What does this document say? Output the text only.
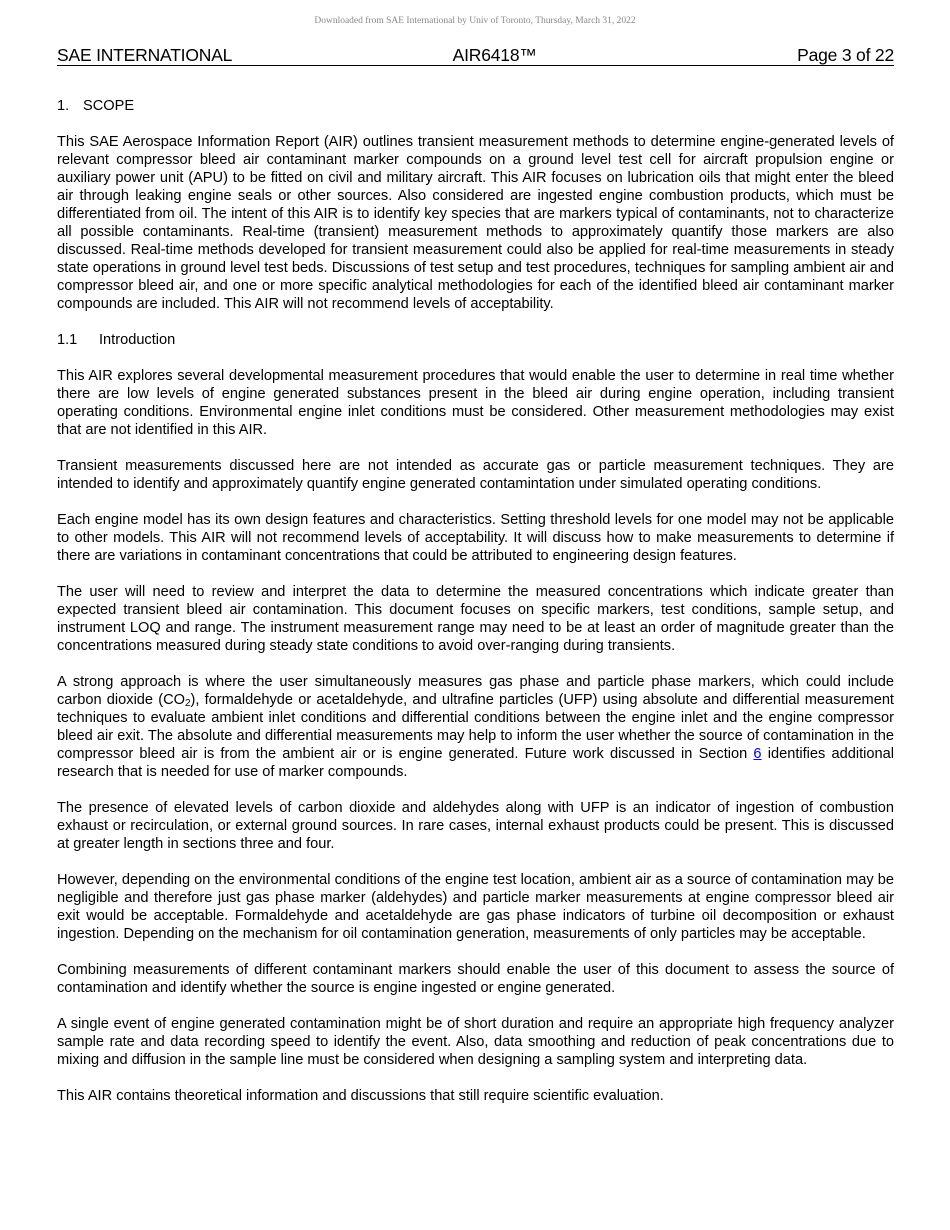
Downloaded from SAE International by Univ of Toronto, Thursday, March 31, 2022
SAE INTERNATIONAL	AIR6418™	Page 3 of 22
1. SCOPE

This SAE Aerospace Information Report (AIR) outlines transient measurement methods to determine engine-generated levels of relevant compressor bleed air contaminant marker compounds on a ground level test cell for aircraft propulsion engine or auxiliary power unit (APU) to be fitted on civil and military aircraft. This AIR focuses on lubrication oils that might enter the bleed air through leaking engine seals or other sources. Also considered are ingested engine combustion products, which must be differentiated from oil. The intent of this AIR is to identify key species that are markers typical of contaminants, not to characterize all possible contaminants. Real-time (transient) measurement methods to approximately quantify those markers are also discussed. Real-time methods developed for transient measurement could also be applied for real-time measurements in steady state operations in ground level test beds. Discussions of test setup and test procedures, techniques for sampling ambient air and compressor bleed air, and one or more specific analytical methodologies for each of the identified bleed air contaminant marker compounds are included. This AIR will not recommend levels of acceptability.

1.1 Introduction

This AIR explores several developmental measurement procedures that would enable the user to determine in real time whether there are low levels of engine generated substances present in the bleed air during engine operation, including transient operating conditions. Environmental engine inlet conditions must be considered. Other measurement methodologies may exist that are not identified in this AIR.

Transient measurements discussed here are not intended as accurate gas or particle measurement techniques. They are intended to identify and approximately quantify engine generated contamintation under simulated operating conditions.

Each engine model has its own design features and characteristics. Setting threshold levels for one model may not be applicable to other models. This AIR will not recommend levels of acceptability. It will discuss how to make measurements to determine if there are variations in contaminant concentrations that could be attributed to engineering design features.

The user will need to review and interpret the data to determine the measured concentrations which indicate greater than expected transient bleed air contamination. This document focuses on specific markers, test conditions, sample setup, and instrument LOQ and range. The instrument measurement range may need to be at least an order of magnitude greater than the concentrations measured during steady state conditions to avoid over-ranging during transients.

A strong approach is where the user simultaneously measures gas phase and particle phase markers, which could include carbon dioxide $(CO_2)$, formaldehyde or acetaldehyde, and ultrafine particles (UFP) using absolute and differential measurement techniques to evaluate ambient inlet conditions and differential conditions between the engine inlet and the engine compressor bleed air exit. The absolute and differential measurements may help to inform the user whether the source of contamination in the compressor bleed air is from the ambient air or is engine generated. Future work discussed in Section 6 identifies additional research that is needed for use of marker compounds.

The presence of elevated levels of carbon dioxide and aldehydes along with UFP is an indicator of ingestion of combustion exhaust or recirculation, or external ground sources. In rare cases, internal exhaust products could be present. This is discussed at greater length in sections three and four.

However, depending on the environmental conditions of the engine test location, ambient air as a source of contamination may be negligible and therefore just gas phase marker (aldehydes) and particle marker measurements at engine compressor bleed air exit would be acceptable. Formaldehyde and acetaldehyde are gas phase indicators of turbine oil decomposition or exhaust ingestion. Depending on the mechanism for oil contamination generation, measurements of only particles may be acceptable.

Combining measurements of different contaminant markers should enable the user of this document to assess the source of contamination and identify whether the source is engine ingested or engine generated.

A single event of engine generated contamination might be of short duration and require an appropriate high frequency analyzer sample rate and data recording speed to identify the event. Also, data smoothing and reduction of peak concentrations due to mixing and diffusion in the sample line must be considered when designing a sampling system and interpreting data.

This AIR contains theoretical information and discussions that still require scientific evaluation.
